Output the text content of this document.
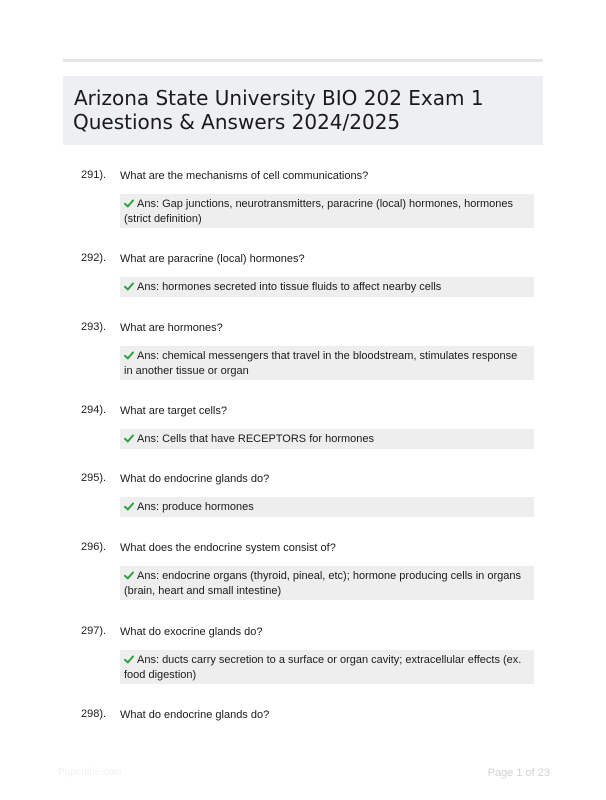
Arizona State University BIO 202 Exam 1
Questions & Answers 2024/2025
291). What are the mechanisms of cell communications?
Ans: Gap junctions, neurotransmitters, paracrine (local) hormones, hormones (strict definition)
292). What are paracrine (local) hormones?
Ans: hormones secreted into tissue fluids to affect nearby cells
293). What are hormones?
Ans: chemical messengers that travel in the bloodstream, stimulates response in another tissue or organ
294). What are target cells?
Ans: Cells that have RECEPTORS for hormones
295). What do endocrine glands do?
Ans: produce hormones
296). What does the endocrine system consist of?
Ans: endocrine organs (thyroid, pineal, etc); hormone producing cells in organs (brain, heart and small intestine)
297). What do exocrine glands do?
Ans: ducts carry secretion to a surface or organ cavity; extracellular effects (ex. food digestion)
298). What do endocrine glands do?
Paperlibe.com	Page 1 of 23
